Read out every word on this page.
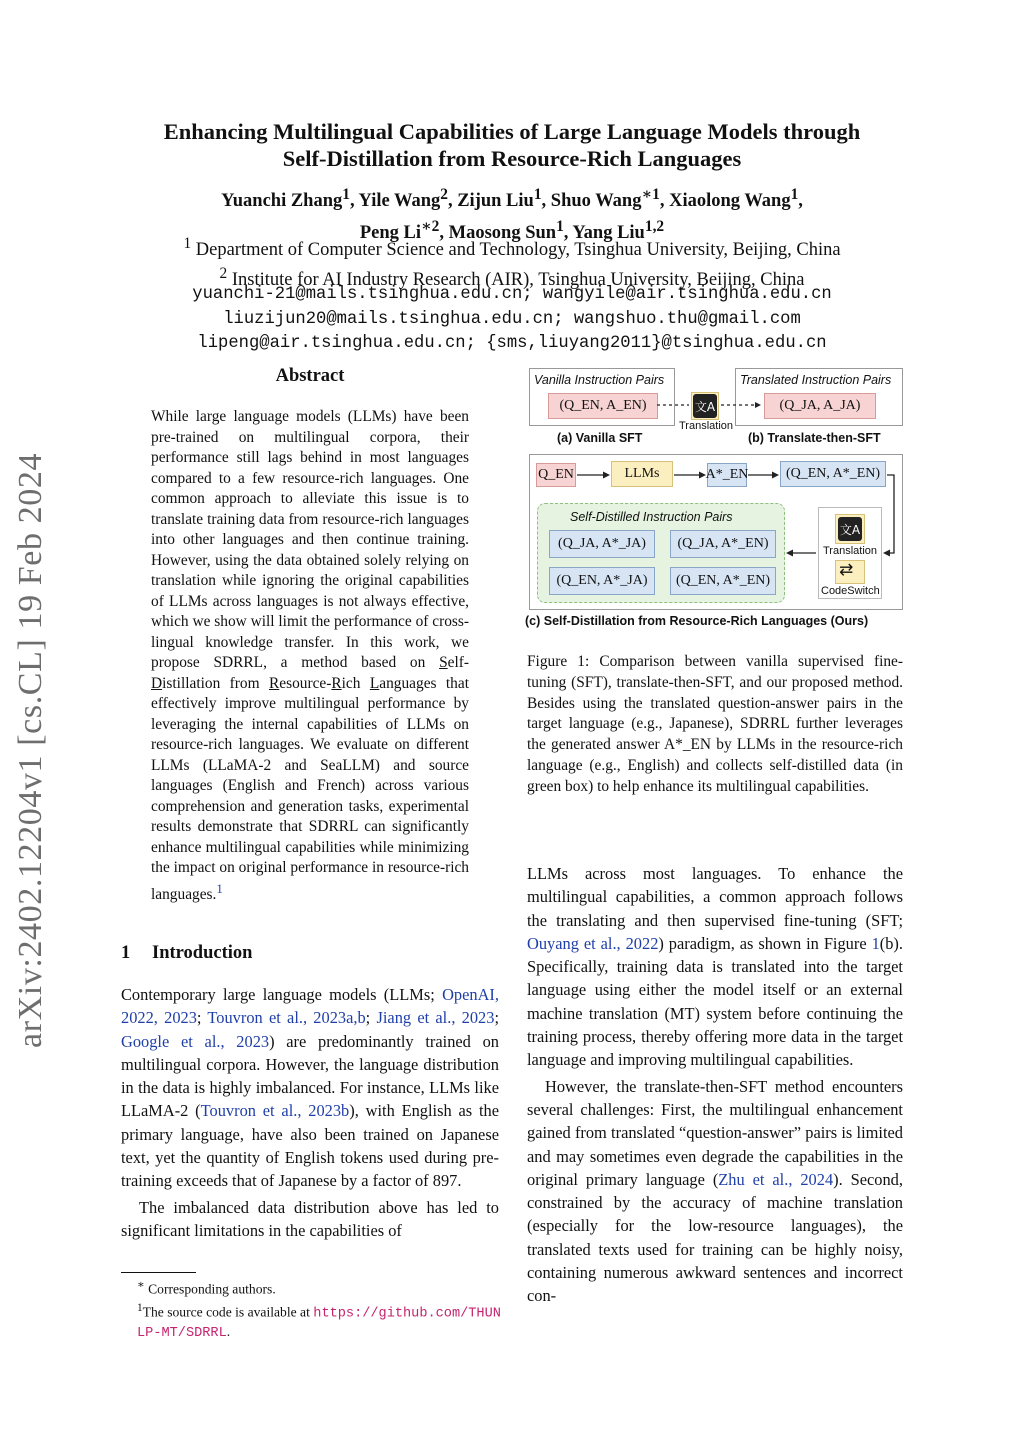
arXiv:2402.12204v1 [cs.CL] 19 Feb 2024
Enhancing Multilingual Capabilities of Large Language Models through
Self-Distillation from Resource-Rich Languages
Yuanchi Zhang$^1$, Yile Wang$^2$, Zijun Liu$^1$, Shuo Wang$^{∗1}$, Xiaolong Wang$^1$,
Peng $Li^{∗2}$, Maosong Sun$^1$, Yang Liu$^{1,2}$
$^1$ Department of Computer Science and Technology, Tsinghua University, Beijing, China
$^2$ Institute for AI Industry Research (AIR), Tsinghua University, Beijing, China
yuanchi-21@mails.tsinghua.edu.cn; wangyile@air.tsinghua.edu.cn
liuzijun20@mails.tsinghua.edu.cn; wangshuo.thu@gmail.com
lipeng@air.tsinghua.edu.cn; {sms,liuyang2011}@tsinghua.edu.cn
Abstract
While large language models (LLMs) have been pre-trained on multilingual corpora, their performance still lags behind in most languages compared to a few resource-rich languages. One common approach to alleviate this issue is to translate training data from resource-rich languages into other languages and then continue training. However, using the data obtained solely relying on translation while ignoring the original capabilities of LLMs across languages is not always effective, which we show will limit the performance of cross-lingual knowledge transfer. In this work, we propose SDRRL, a method based on Self-Distillation from Resource-Rich Languages that effectively improve multilingual performance by leveraging the internal capabilities of LLMs on resource-rich languages. We evaluate on different LLMs (LLaMA-2 and SeaLLM) and source languages (English and French) across various comprehension and generation tasks, experimental results demonstrate that SDRRL can significantly enhance multilingual capabilities while minimizing the impact on original performance in resource-rich languages.$^1$
1 Introduction

Contemporary large language models (LLMs; OpenAI, 2022, 2023; Touvron et al., 2023a,b; Jiang et al., 2023; Google et al., 2023) are predominantly trained on multilingual corpora. However, the language distribution in the data is highly imbalanced. For instance, LLMs like LLaMA-2 (Touvron et al., 2023b), with English as the primary language, have also been trained on Japanese text, yet the quantity of English tokens used during pre-training exceeds that of Japanese by a factor of 897.

The imbalanced data distribution above has led to significant limitations in the capabilities of

∗ Corresponding authors.
$^1$The source code is available at https://github.com/THUNLP-MT/SDRRL.

LLMs across most languages. To enhance the multilingual capabilities, a common approach follows the translating and then supervised fine-tuning (SFT; Ouyang et al., 2022) paradigm, as shown in Figure 1(b). Specifically, training data is translated into the target language using either the model itself or an external machine translation (MT) system before continuing the training process, thereby offering more data in the target language and improving multilingual capabilities.

However, the translate-then-SFT method encounters several challenges: First, the multilingual enhancement gained from translated “question-answer” pairs is limited and may sometimes even degrade the capabilities in the original primary language (Zhu et al., 2024). Second, constrained by the accuracy of machine translation (especially for the low-resource languages), the translated texts used for training can be highly noisy, containing numerous awkward sentences and incorrect con-

Vanilla Instruction Pairs
(Q_EN, A_EN)
Translated Instruction Pairs
(Q_JA, A_JA)
文A
Translation
(a) Vanilla SFT	(b) Translate-then-SFT
Q_EN	LLMs	A*_EN	(Q_EN, A*_EN)
Self-Distilled Instruction Pairs
(Q_JA, A*_JA)	(Q_JA, A*_EN)
(Q_EN, A*_JA)	(Q_EN, A*_EN)
文A
Translation
⇄
CodeSwitch
(c) Self-Distillation from Resource-Rich Languages (Ours)
Figure 1: Comparison between vanilla supervised fine-tuning (SFT), translate-then-SFT, and our proposed method. Besides using the translated question-answer pairs in the target language (e.g., Japanese), SDRRL further leverages the generated answer A*_EN by LLMs in the resource-rich language (e.g., English) and collects self-distilled data (in green box) to help enhance its multilingual capabilities.
